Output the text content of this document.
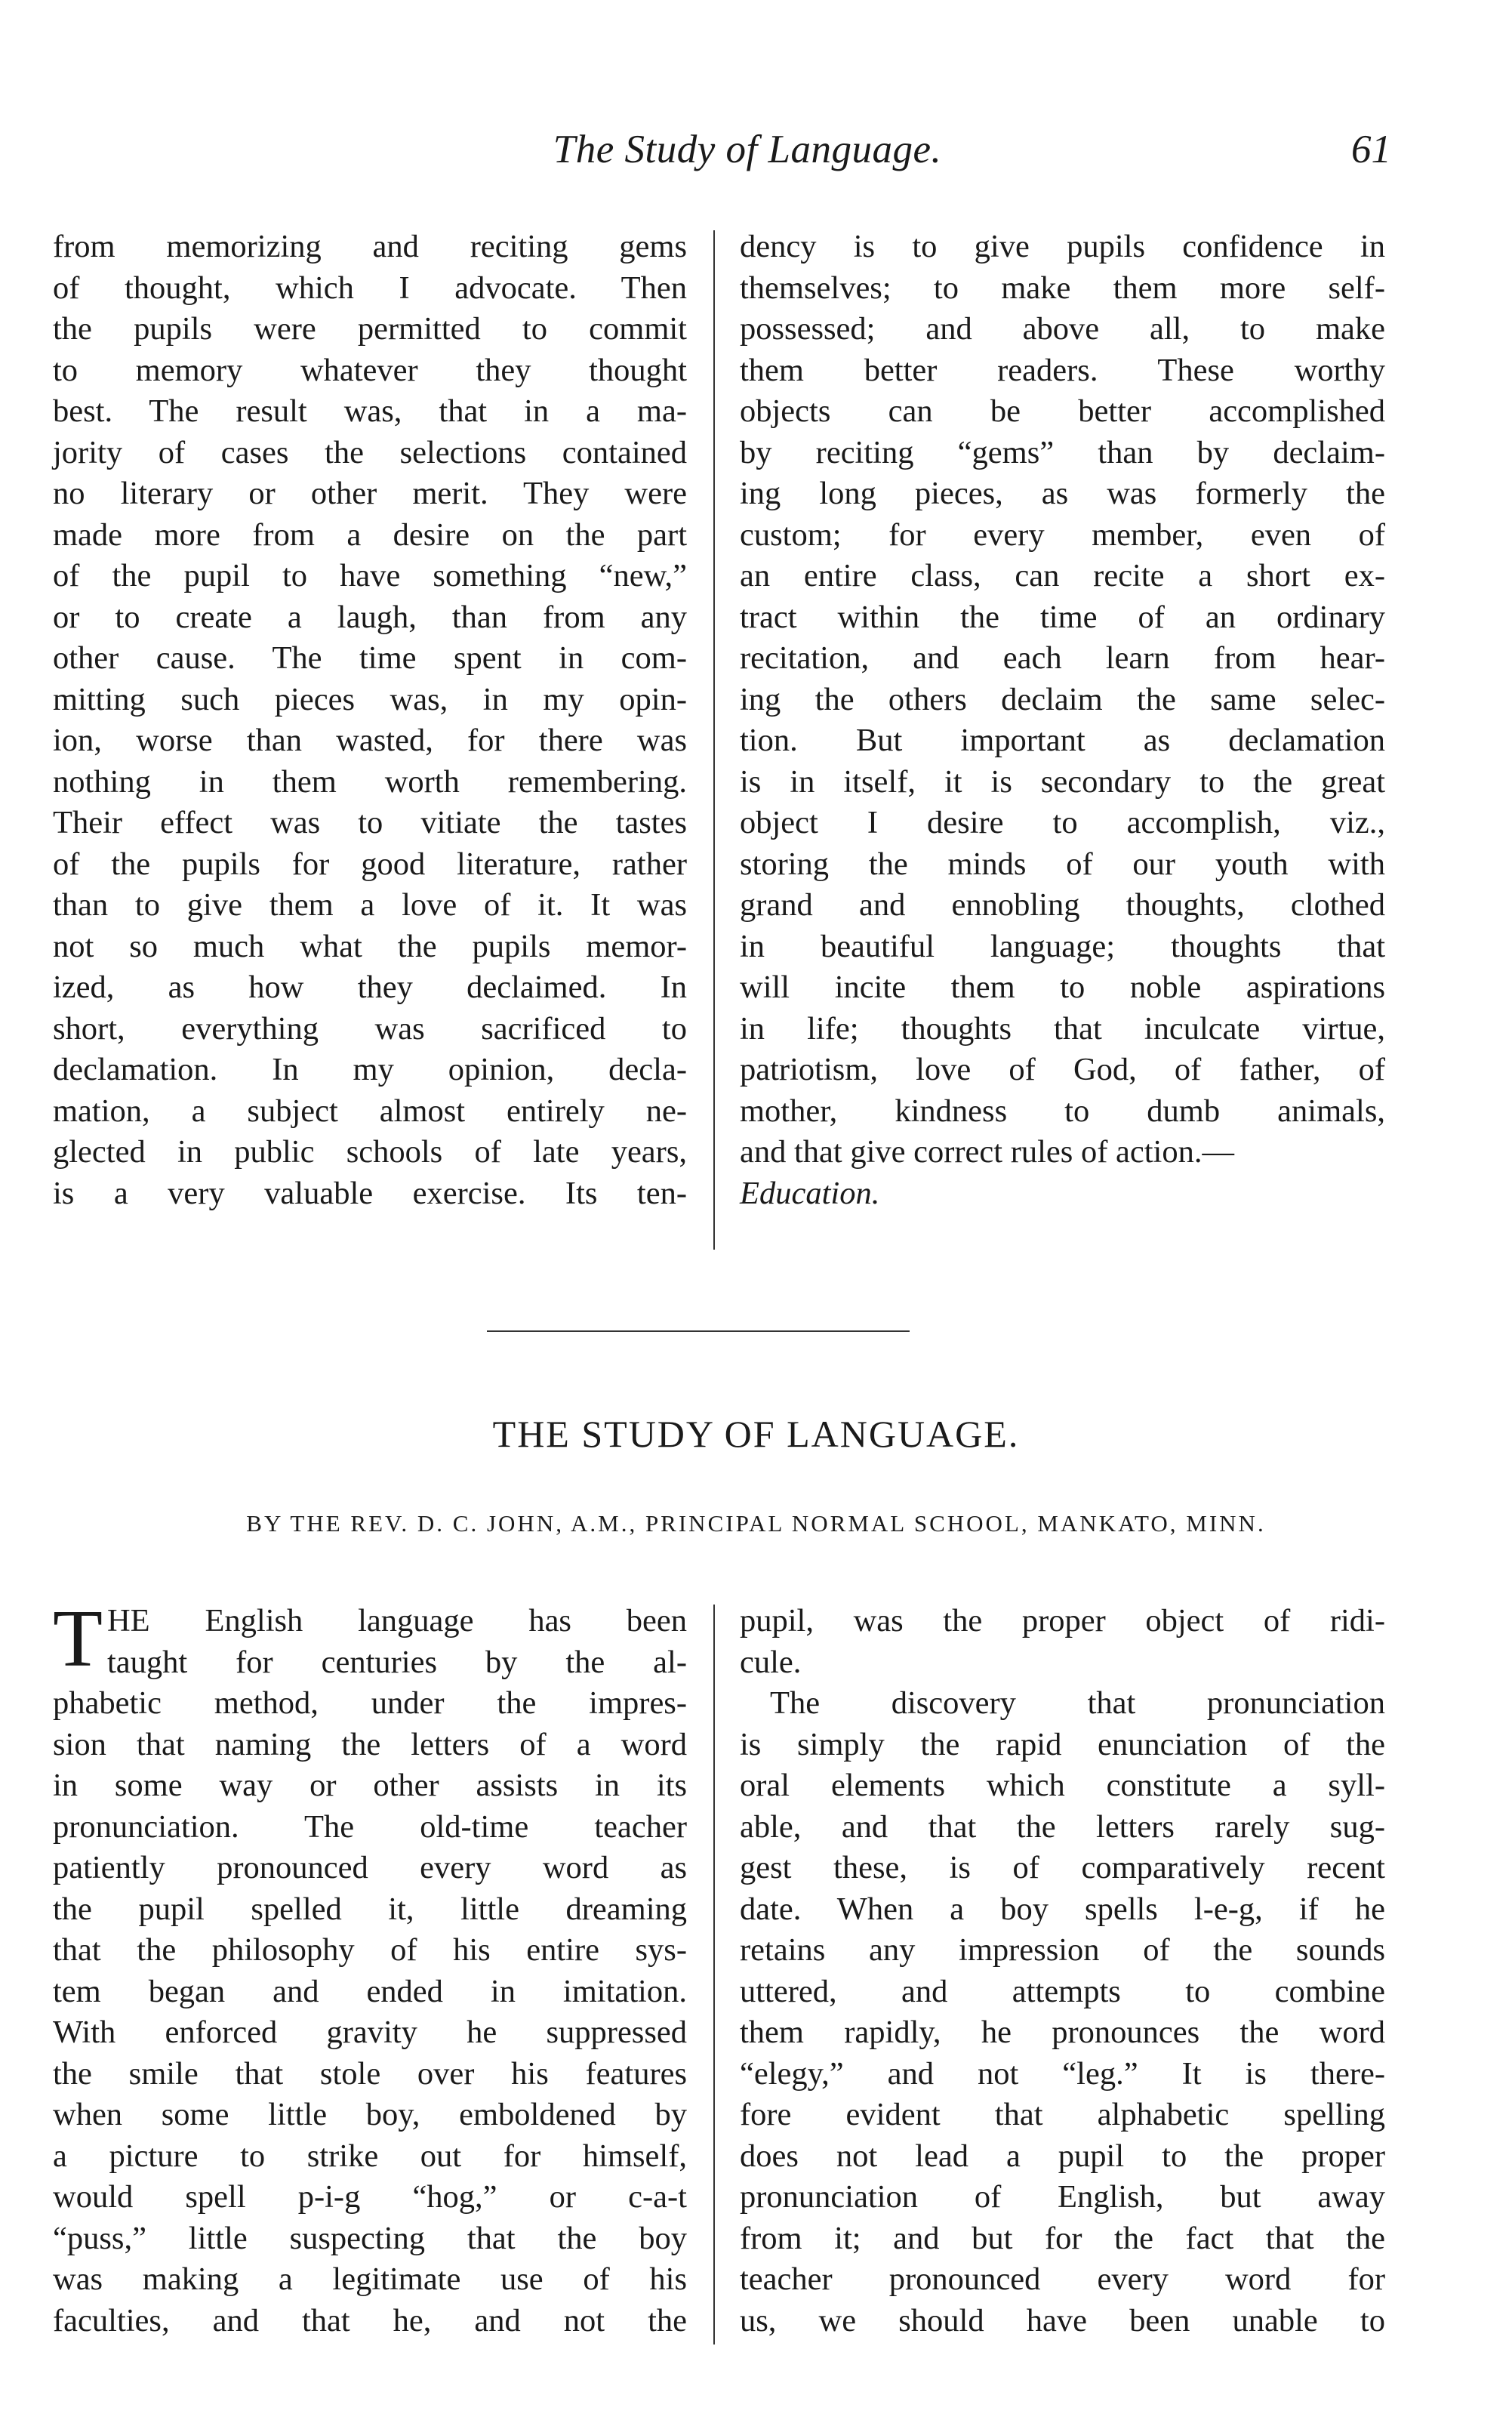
The Study of Language.	61
from memorizing and reciting gems
of thought, which I advocate. Then
the pupils were permitted to commit
to memory whatever they thought
best. The result was, that in a ma-
jority of cases the selections contained
no literary or other merit. They were
made more from a desire on the part
of the pupil to have something “new,”
or to create a laugh, than from any
other cause. The time spent in com-
mitting such pieces was, in my opin-
ion, worse than wasted, for there was
nothing in them worth remembering.
Their effect was to vitiate the tastes
of the pupils for good literature, rather
than to give them a love of it. It was
not so much what the pupils memor-
ized, as how they declaimed. In
short, everything was sacrificed to
declamation. In my opinion, decla-
mation, a subject almost entirely ne-
glected in public schools of late years,
is a very valuable exercise. Its ten-
dency is to give pupils confidence in
themselves; to make them more self-
possessed; and above all, to make
them better readers. These worthy
objects can be better accomplished
by reciting “gems” than by declaim-
ing long pieces, as was formerly the
custom; for every member, even of
an entire class, can recite a short ex-
tract within the time of an ordinary
recitation, and each learn from hear-
ing the others declaim the same selec-
tion. But important as declamation
is in itself, it is secondary to the great
object I desire to accomplish, viz.,
storing the minds of our youth with
grand and ennobling thoughts, clothed
in beautiful language; thoughts that
will incite them to noble aspirations
in life; thoughts that inculcate virtue,
patriotism, love of God, of father, of
mother, kindness to dumb animals,
and that give correct rules of action.—
Education.
THE STUDY OF LANGUAGE.
BY THE REV. D. C. JOHN, A.M., PRINCIPAL NORMAL SCHOOL, MANKATO, MINN.
T HE English language has been
taught for centuries by the al-
phabetic method, under the impres-
sion that naming the letters of a word
in some way or other assists in its
pronunciation. The old-time teacher
patiently pronounced every word as
the pupil spelled it, little dreaming
that the philosophy of his entire sys-
tem began and ended in imitation.
With enforced gravity he suppressed
the smile that stole over his features
when some little boy, emboldened by
a picture to strike out for himself,
would spell p-i-g “hog,” or c-a-t
“puss,” little suspecting that the boy
was making a legitimate use of his
faculties, and that he, and not the
pupil, was the proper object of ridi-
cule.
The discovery that pronunciation
is simply the rapid enunciation of the
oral elements which constitute a syll-
able, and that the letters rarely sug-
gest these, is of comparatively recent
date. When a boy spells l-e-g, if he
retains any impression of the sounds
uttered, and attempts to combine
them rapidly, he pronounces the word
“elegy,” and not “leg.” It is there-
fore evident that alphabetic spelling
does not lead a pupil to the proper
pronunciation of English, but away
from it; and but for the fact that the
teacher pronounced every word for
us, we should have been unable to
